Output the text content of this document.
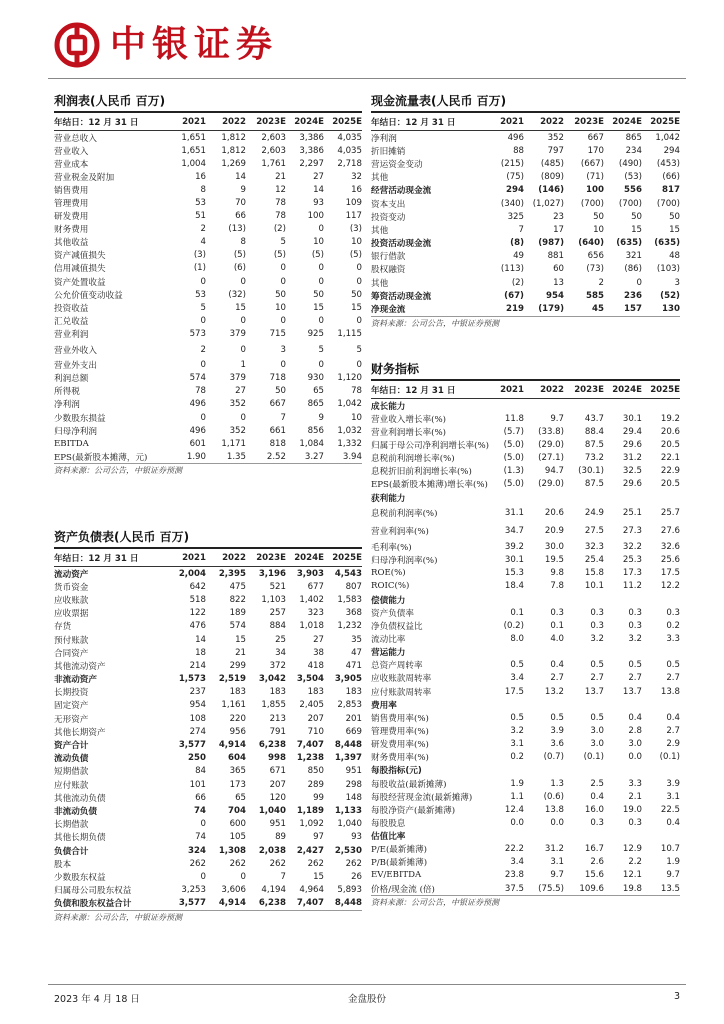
中银证券
利润表(人民币 百万)
年结日：12 月 31 日	2021	2022	2023E 2024E 2025E
营业总收入	1,651	1,812	2,603	3,386	4,035
营业收入	1,651	1,812	2,603	3,386	4,035
营业成本	1,004	1,269	1,761	2,297	2,718
营业税金及附加	16	14	21	27	32
销售费用	8	9	12	14	16
管理费用	53	70	78	93	109
研发费用	51	66	78	100	117
财务费用	2	(13)	(2)	0	(3)
其他收益	4	8	5	10	10
资产减值损失	(3)	(5)	(5)	(5)	(5)
信用减值损失	(1)	(6)	0	0	0
资产处置收益	0	0	0	0	0
公允价值变动收益	53	(32)	50	50	50
投资收益	5	15	10	15	15
汇兑收益	0	0	0	0	0
营业利润	573	379	715	925	1,115
营业外收入	2	0	3	5	5
营业外支出	0	1	0	0	0
利润总额	574	379	718	930	1,120
所得税	78	27	50	65	78
净利润	496	352	667	865	1,042
少数股东损益	0	0	7	9	10
归母净利润	496	352	661	856	1,032
EBITDA	601	1,171	818	1,084	1,332
EPS(最新股本摊薄，元)	1.90	1.35	2.52	3.27	3.94
资料来源：公司公告，中银证券预测
资产负债表(人民币 百万)
年结日：12 月 31 日	2021	2022	2023E 2024E 2025E
流动资产	2,004	2,395	3,196	3,903	4,543
货币资金	642	475	521	677	807
应收账款	518	822	1,103	1,402	1,583
应收票据	122	189	257	323	368
存货	476	574	884	1,018	1,232
预付账款	14	15	25	27	35
合同资产	18	21	34	38	47
其他流动资产	214	299	372	418	471
非流动资产	1,573	2,519	3,042	3,504	3,905
长期投资	237	183	183	183	183
固定资产	954	1,161	1,855	2,405	2,853
无形资产	108	220	213	207	201
其他长期资产	274	956	791	710	669
资产合计	3,577	4,914	6,238	7,407	8,448
流动负债	250	604	998	1,238	1,397
短期借款	84	365	671	850	951
应付账款	101	173	207	289	298
其他流动负债	66	65	120	99	148
非流动负债	74	704	1,040	1,189	1,133
长期借款	0	600	951	1,092	1,040
其他长期负债	74	105	89	97	93
负债合计	324	1,308	2,038	2,427	2,530
股本	262	262	262	262	262
少数股东权益	0	0	7	15	26
归属母公司股东权益	3,253	3,606	4,194	4,964	5,893
负债和股东权益合计	3,577	4,914	6,238	7,407	8,448
资料来源：公司公告，中银证券预测
现金流量表(人民币 百万)
年结日：12 月 31 日	2021	2022	2023E 2024E 2025E
净利润	496	352	667	865	1,042
折旧摊销	88	797	170	234	294
营运资金变动	(215)	(485)	(667)	(490)	(453)
其他	(75)	(809)	(71)	(53)	(66)
经营活动现金流	294	(146)	100	556	817
资本支出	(340)	(1,027)	(700)	(700)	(700)
投资变动	325	23	50	50	50
其他	7	17	10	15	15
投资活动现金流	(8)	(987)	(640)	(635)	(635)
银行借款	49	881	656	321	48
股权融资	(113)	60	(73)	(86)	(103)
其他	(2)	13	2	0	3
筹资活动现金流	(67)	954	585	236	(52)
净现金流	219	(179)	45	157	130
资料来源：公司公告，中银证券预测
财务指标
年结日：12 月 31 日	2021	2022	2023E 2024E 2025E
成长能力
营业收入增长率(%)	11.8	9.7	43.7	30.1	19.2
营业利润增长率(%)	(5.7)	(33.8)	88.4	29.4	20.6
归属于母公司净利润增长率(%)	(5.0)	(29.0)	87.5	29.6	20.5
息税前利润增长率(%)	(5.0)	(27.1)	73.2	31.2	22.1
息税折旧前利润增长率(%)	(1.3)	94.7	(30.1)	32.5	22.9
EPS(最新股本摊薄)增长率(%)	(5.0)	(29.0)	87.5	29.6	20.5
获利能力
息税前利润率(%)	31.1	20.6	24.9	25.1	25.7
营业利润率(%)	34.7	20.9	27.5	27.3	27.6
毛利率(%)	39.2	30.0	32.3	32.2	32.6
归母净利润率(%)	30.1	19.5	25.4	25.3	25.6
ROE(%)	15.3	9.8	15.8	17.3	17.5
ROIC(%)	18.4	7.8	10.1	11.2	12.2
偿债能力
资产负债率	0.1	0.3	0.3	0.3	0.3
净负债权益比	(0.2)	0.1	0.3	0.3	0.2
流动比率	8.0	4.0	3.2	3.2	3.3
营运能力
总资产周转率	0.5	0.4	0.5	0.5	0.5
应收账款周转率	3.4	2.7	2.7	2.7	2.7
应付账款周转率	17.5	13.2	13.7	13.7	13.8
费用率
销售费用率(%)	0.5	0.5	0.5	0.4	0.4
管理费用率(%)	3.2	3.9	3.0	2.8	2.7
研发费用率(%)	3.1	3.6	3.0	3.0	2.9
财务费用率(%)	0.2	(0.7)	(0.1)	0.0	(0.1)
每股指标(元)
每股收益(最新摊薄)	1.9	1.3	2.5	3.3	3.9
每股经营现金流(最新摊薄)	1.1	(0.6)	0.4	2.1	3.1
每股净资产(最新摊薄)	12.4	13.8	16.0	19.0	22.5
每股股息	0.0	0.0	0.3	0.3	0.4
估值比率
P/E(最新摊薄)	22.2	31.2	16.7	12.9	10.7
P/B(最新摊薄)	3.4	3.1	2.6	2.2	1.9
EV/EBITDA	23.8	9.7	15.6	12.1	9.7
价格/现金流 (倍)	37.5	(75.5)	109.6	19.8	13.5
资料来源：公司公告，中银证券预测
2023 年 4 月 18 日	金盘股份	3
